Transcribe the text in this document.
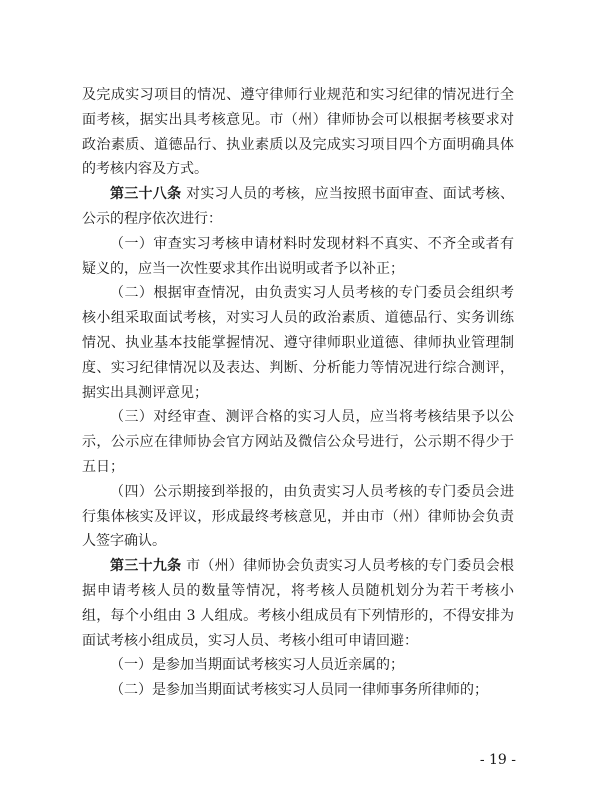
及完成实习项目的情况、遵守律师行业规范和实习纪律的情况进行全面考核，据实出具考核意见。市（州）律师协会可以根据考核要求对政治素质、道德品行、执业素质以及完成实习项目四个方面明确具体的考核内容及方式。

第三十八条 对实习人员的考核，应当按照书面审查、面试考核、公示的程序依次进行：

（一）审查实习考核申请材料时发现材料不真实、不齐全或者有疑义的，应当一次性要求其作出说明或者予以补正；

（二）根据审查情况，由负责实习人员考核的专门委员会组织考核小组采取面试考核，对实习人员的政治素质、道德品行、实务训练情况、执业基本技能掌握情况、遵守律师职业道德、律师执业管理制度、实习纪律情况以及表达、判断、分析能力等情况进行综合测评，据实出具测评意见；

（三）对经审查、测评合格的实习人员，应当将考核结果予以公示，公示应在律师协会官方网站及微信公众号进行，公示期不得少于五日；

（四）公示期接到举报的，由负责实习人员考核的专门委员会进行集体核实及评议，形成最终考核意见，并由市（州）律师协会负责人签字确认。

第三十九条 市（州）律师协会负责实习人员考核的专门委员会根据申请考核人员的数量等情况，将考核人员随机划分为若干考核小组，每个小组由 3 人组成。考核小组成员有下列情形的，不得安排为面试考核小组成员，实习人员、考核小组可申请回避：

（一）是参加当期面试考核实习人员近亲属的；

（二）是参加当期面试考核实习人员同一律师事务所律师的；

- 19 -
